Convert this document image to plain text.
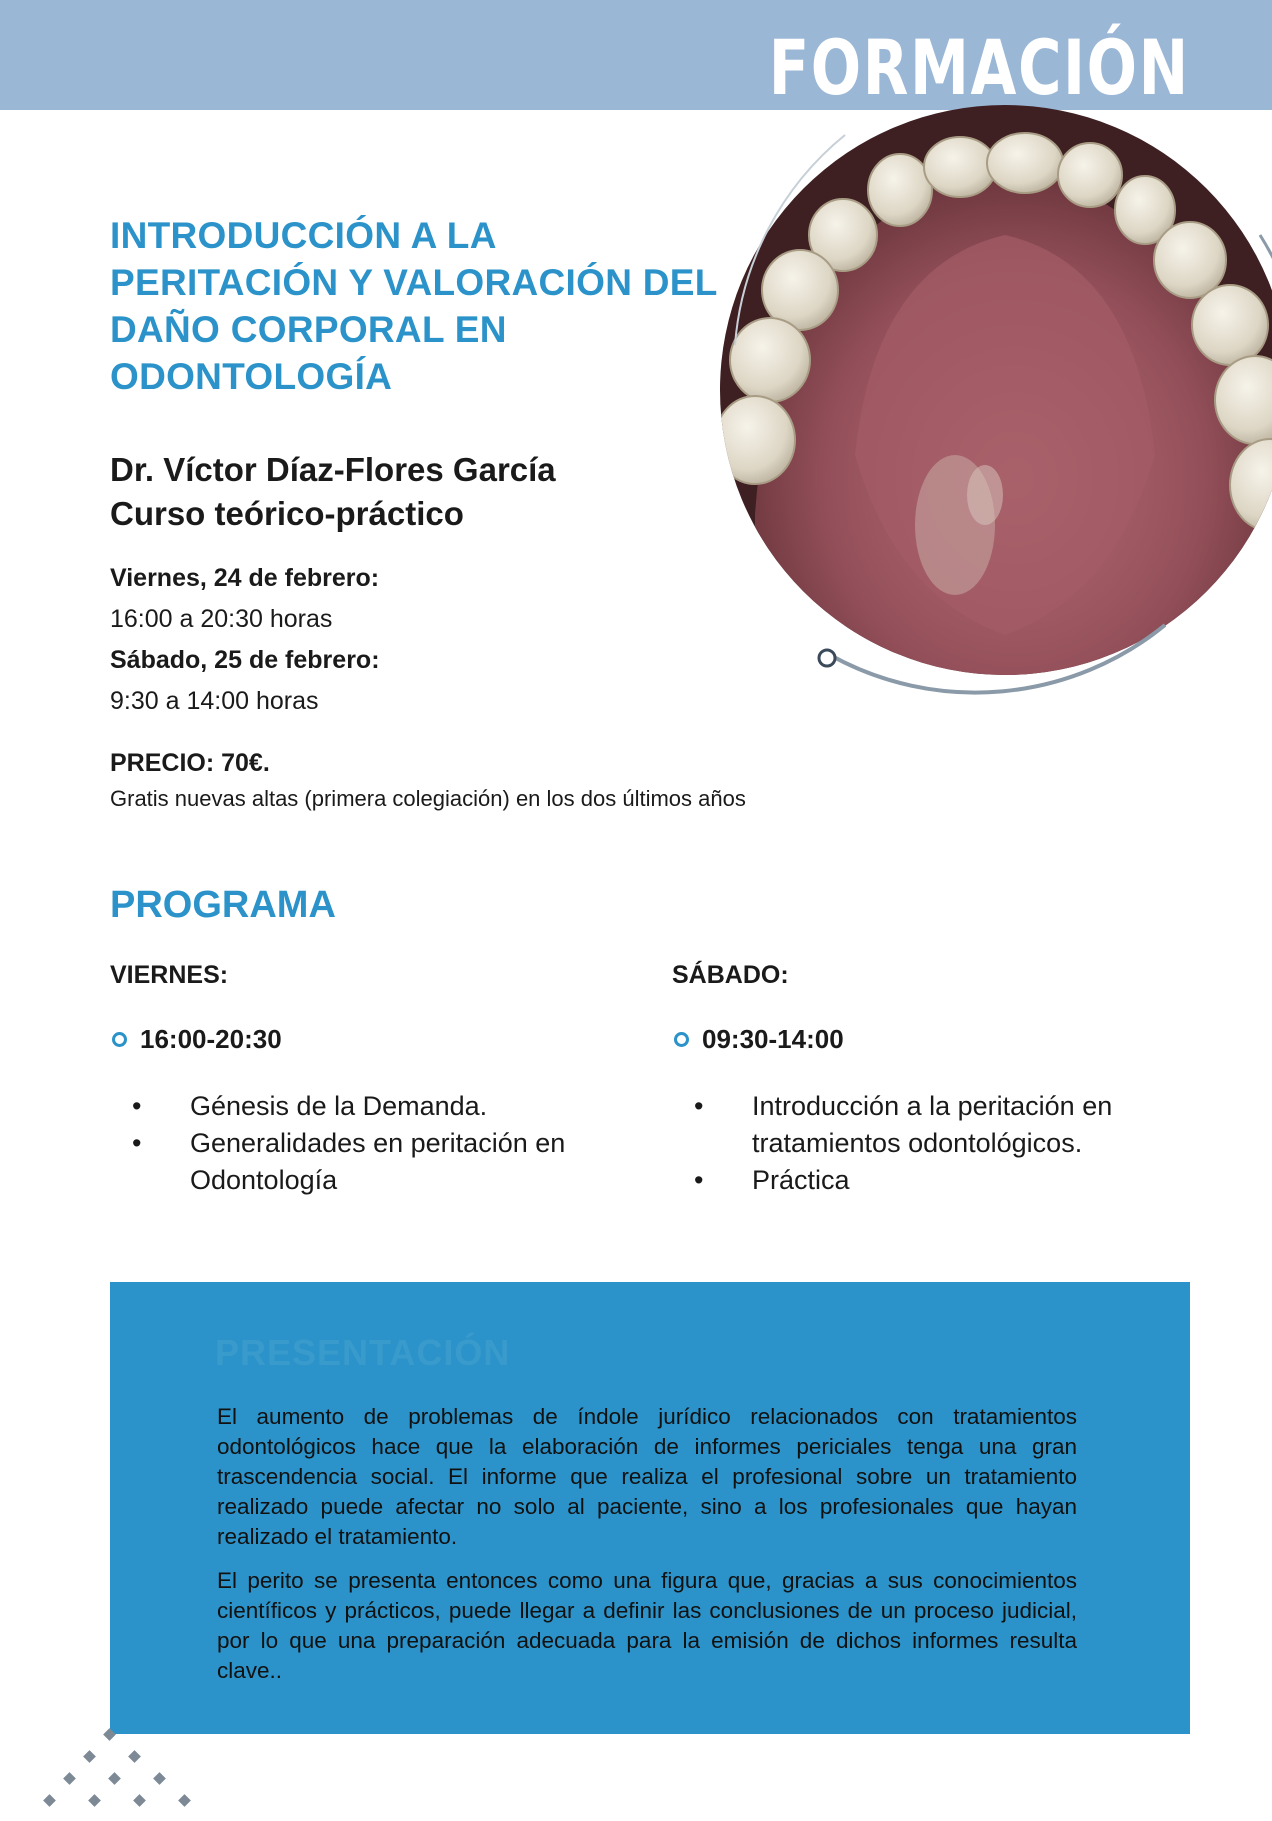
FORMACIÓN
INTRODUCCIÓN A LA PERITACIÓN Y VALORACIÓN DEL DAÑO CORPORAL EN ODONTOLOGÍA
Dr. Víctor Díaz-Flores García
Curso teórico-práctico
Viernes, 24 de febrero:
16:00 a 20:30 horas
Sábado, 25 de febrero:
9:30 a 14:00 horas
PRECIO: 70€.
Gratis nuevas altas (primera colegiación) en los dos últimos años
PROGRAMA
VIERNES:
16:00-20:30
• Génesis de la Demanda.
• Generalidades en peritación en Odontología
SÁBADO:
09:30-14:00
• Introducción a la peritación en tratamientos odontológicos.
• Práctica
PRESENTACIÓN

El aumento de problemas de índole jurídico relacionados con tratamientos odontológicos hace que la elaboración de informes periciales tenga una gran trascendencia social. El informe que realiza el profesional sobre un tratamiento realizado puede afectar no solo al paciente, sino a los profesionales que hayan realizado el tratamiento.

El perito se presenta entonces como una figura que, gracias a sus conocimientos científicos y prácticos, puede llegar a definir las conclusiones de un proceso judicial, por lo que una preparación adecuada para la emisión de dichos informes resulta clave..
